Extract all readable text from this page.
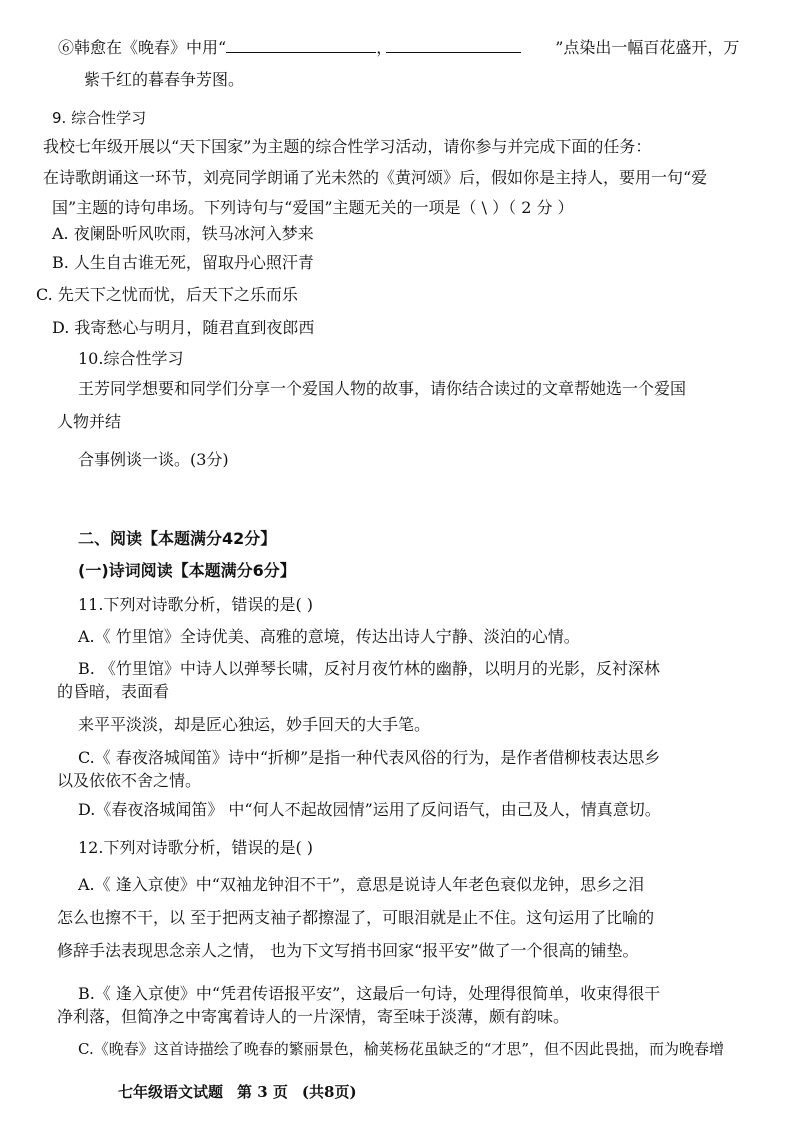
⑥韩愈在《晚春》中用“	，	”点染出一幅百花盛开，万
紫千红的暮春争芳图。
9. 综合性学习
我校七年级开展以“天下国家”为主题的综合性学习活动，请你参与并完成下面的任务：
在诗歌朗诵这一环节，刘亮同学朗诵了光未然的《黄河颂》后，假如你是主持人，要用一句“爱
国”主题的诗句串场。下列诗句与“爱国”主题无关的一项是（ \ ）（ 2 分 ）
A. 夜阑卧听风吹雨，铁马冰河入梦来
B. 人生自古谁无死，留取丹心照汗青
C. 先天下之忧而忧，后天下之乐而乐
D. 我寄愁心与明月，随君直到夜郎西
10.综合性学习
王芳同学想要和同学们分享一个爱国人物的故事，请你结合读过的文章帮她选一个爱国
人物并结
合事例谈一谈。(3分)
二、阅读【本题满分42分】
(一)诗词阅读【本题满分6分】
11.下列对诗歌分析，错误的是( )
A.《 竹里馆》全诗优美、高雅的意境，传达出诗人宁静、淡泊的心情。
B. 《竹里馆》中诗人以弹琴长啸，反衬月夜竹林的幽静，以明月的光影，反衬深林
的昏暗，表面看
来平平淡淡，却是匠心独运，妙手回天的大手笔。
C.《 春夜洛城闻笛》诗中“折柳”是指一种代表风俗的行为，是作者借柳枝表达思乡
以及依依不舍之情。
D.《春夜洛城闻笛》 中“何人不起故园情”运用了反问语气，由己及人，情真意切。
12.下列对诗歌分析，错误的是( )
A.《 逢入京使》中“双袖龙钟泪不干”，意思是说诗人年老色衰似龙钟，思乡之泪
怎么也擦不干，以 至于把两支袖子都擦湿了，可眼泪就是止不住。这句运用了比喻的
修辞手法表现思念亲人之情， 也为下文写捎书回家“报平安”做了一个很高的铺垫。
B.《 逢入京使》中“凭君传语报平安”，这最后一句诗，处理得很简单，收束得很干
净利落，但简净之中寄寓着诗人的一片深情，寄至味于淡薄，颇有韵味。
C.《晚春》这首诗描绘了晚春的繁丽景色，榆荚杨花虽缺乏的“才思”，但不因此畏拙，而为晚春增
七年级语文试题 第 3 页 (共8页)
